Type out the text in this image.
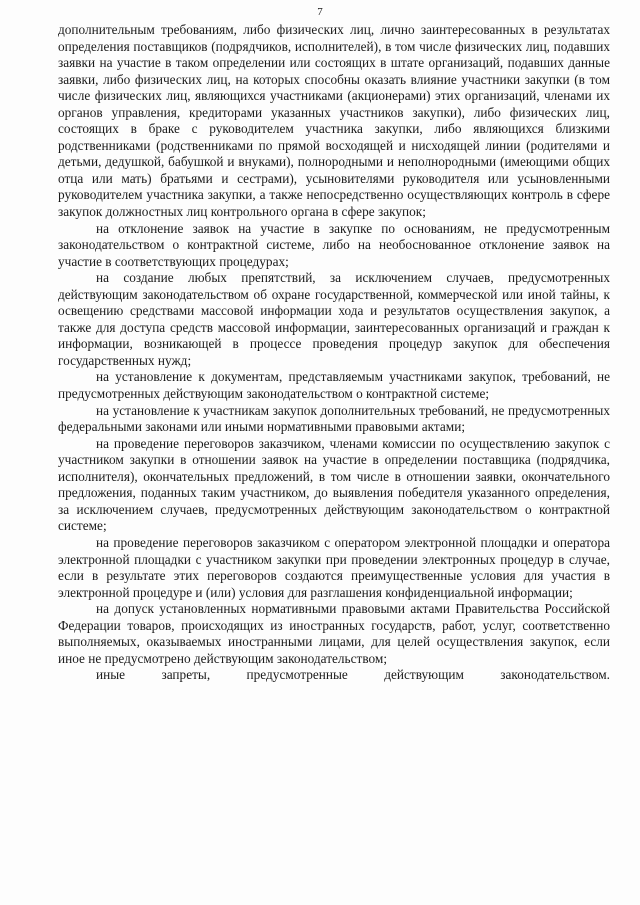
7

дополнительным требованиям, либо физических лиц, лично заинтересованных в результатах определения поставщиков (подрядчиков, исполнителей), в том числе физических лиц, подавших заявки на участие в таком определении или состоящих в штате организаций, подавших данные заявки, либо физических лиц, на которых способны оказать влияние участники закупки (в том числе физических лиц, являющихся участниками (акционерами) этих организаций, членами их органов управления, кредиторами указанных участников закупки), либо физических лиц, состоящих в браке с руководителем участника закупки, либо являющихся близкими родственниками (родственниками по прямой восходящей и нисходящей линии (родителями и детьми, дедушкой, бабушкой и внуками), полнородными и неполнородными (имеющими общих отца или мать) братьями и сестрами), усыновителями руководителя или усыновленными руководителем участника закупки, а также непосредственно осуществляющих контроль в сфере закупок должностных лиц контрольного органа в сфере закупок;

на отклонение заявок на участие в закупке по основаниям, не предусмотренным законодательством о контрактной системе, либо на необоснованное отклонение заявок на участие в соответствующих процедурах;

на создание любых препятствий, за исключением случаев, предусмотренных действующим законодательством об охране государственной, коммерческой или иной тайны, к освещению средствами массовой информации хода и результатов осуществления закупок, а также для доступа средств массовой информации, заинтересованных организаций и граждан к информации, возникающей в процессе проведения процедур закупок для обеспечения государственных нужд;

на установление к документам, представляемым участниками закупок, требований, не предусмотренных действующим законодательством о контрактной системе;

на установление к участникам закупок дополнительных требований, не предусмотренных федеральными законами или иными нормативными правовыми актами;

на проведение переговоров заказчиком, членами комиссии по осуществлению закупок с участником закупки в отношении заявок на участие в определении поставщика (подрядчика, исполнителя), окончательных предложений, в том числе в отношении заявки, окончательного предложения, поданных таким участником, до выявления победителя указанного определения, за исключением случаев, предусмотренных действующим законодательством о контрактной системе;

на проведение переговоров заказчиком с оператором электронной площадки и оператора электронной площадки с участником закупки при проведении электронных процедур в случае, если в результате этих переговоров создаются преимущественные условия для участия в электронной процедуре и (или) условия для разглашения конфиденциальной информации;

на допуск установленных нормативными правовыми актами Правительства Российской Федерации товаров, происходящих из иностранных государств, работ, услуг, соответственно выполняемых, оказываемых иностранными лицами, для целей осуществления закупок, если иное не предусмотрено действующим законодательством;

иные запреты, предусмотренные действующим законодательством.
